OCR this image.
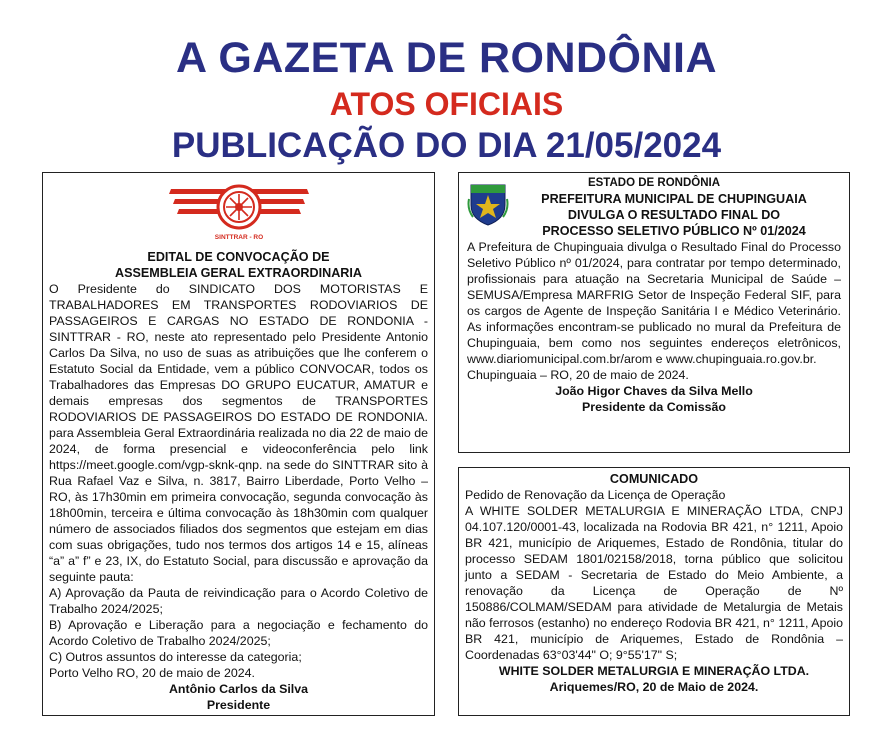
A GAZETA DE RONDÔNIA
ATOS OFICIAIS
PUBLICAÇÃO DO DIA 21/05/2024
SINTTRAR - RO

EDITAL DE CONVOCAÇÃO DE

ASSEMBLEIA GERAL EXTRAORDINARIA

O Presidente do SINDICATO DOS MOTORISTAS E TRABALHADORES EM TRANSPORTES RODOVIARIOS DE PASSAGEIROS E CARGAS NO ESTADO DE RONDONIA - SINTTRAR - RO, neste ato representado pelo Presidente Antonio Carlos Da Silva, no uso de suas as atribuições que lhe conferem o Estatuto Social da Entidade, vem a público CONVOCAR, todos os Trabalhadores das Empresas DO GRUPO EUCATUR, AMATUR e demais empresas dos segmentos de TRANSPORTES RODOVIARIOS DE PASSAGEIROS DO ESTADO DE RONDONIA. para Assembleia Geral Extraordinária realizada no dia 22 de maio de 2024, de forma presencial e videoconferência pelo link https://meet.google.com/vgp-sknk-qnp. na sede do SINTTRAR sito à Rua Rafael Vaz e Silva, n. 3817, Bairro Liberdade, Porto Velho – RO, às 17h30min em primeira convocação, segunda convocação às 18h00min, terceira e última convocação às 18h30min com qualquer número de associados filiados dos segmentos que estejam em dias com suas obrigações, tudo nos termos dos artigos 14 e 15, alíneas “a” a” f” e 23, IX, do Estatuto Social, para discussão e aprovação da seguinte pauta:

A) Aprovação da Pauta de reivindicação para o Acordo Coletivo de Trabalho 2024/2025;

B) Aprovação e Liberação para a negociação e fechamento do Acordo Coletivo de Trabalho 2024/2025;

C) Outros assuntos do interesse da categoria;

Porto Velho RO, 20 de maio de 2024.

Antônio Carlos da Silva

Presidente

ESTADO DE RONDÔNIA

PREFEITURA MUNICIPAL DE CHUPINGUAIA

DIVULGA O RESULTADO FINAL DO

PROCESSO SELETIVO PÚBLICO Nº 01/2024

A Prefeitura de Chupinguaia divulga o Resultado Final do Processo Seletivo Público nº 01/2024, para contratar por tempo determinado, profissionais para atuação na Secretaria Municipal de Saúde – SEMUSA/Empresa MARFRIG Setor de Inspeção Federal SIF, para os cargos de Agente de Inspeção Sanitária I e Médico Veterinário. As informações encontram-se publicado no mural da Prefeitura de Chupinguaia, bem como nos seguintes endereços eletrônicos, www.diariomunicipal.com.br/arom e www.chupinguaia.ro.gov.br.

Chupinguaia – RO, 20 de maio de 2024.

João Higor Chaves da Silva Mello

Presidente da Comissão

COMUNICADO

Pedido de Renovação da Licença de Operação

A WHITE SOLDER METALURGIA E MINERAÇÃO LTDA, CNPJ 04.107.120/0001-43, localizada na Rodovia BR 421, n° 1211, Apoio BR 421, município de Ariquemes, Estado de Rondônia, titular do processo SEDAM 1801/02158/2018, torna público que solicitou junto a SEDAM - Secretaria de Estado do Meio Ambiente, a renovação da Licença de Operação de Nº 150886/COLMAM/SEDAM para atividade de Metalurgia de Metais não ferrosos (estanho) no endereço Rodovia BR 421, n° 1211, Apoio BR 421, município de Ariquemes, Estado de Rondônia – Coordenadas 63°03'44" O; 9°55'17" S;

WHITE SOLDER METALURGIA E MINERAÇÃO LTDA.

Ariquemes/RO, 20 de Maio de 2024.
